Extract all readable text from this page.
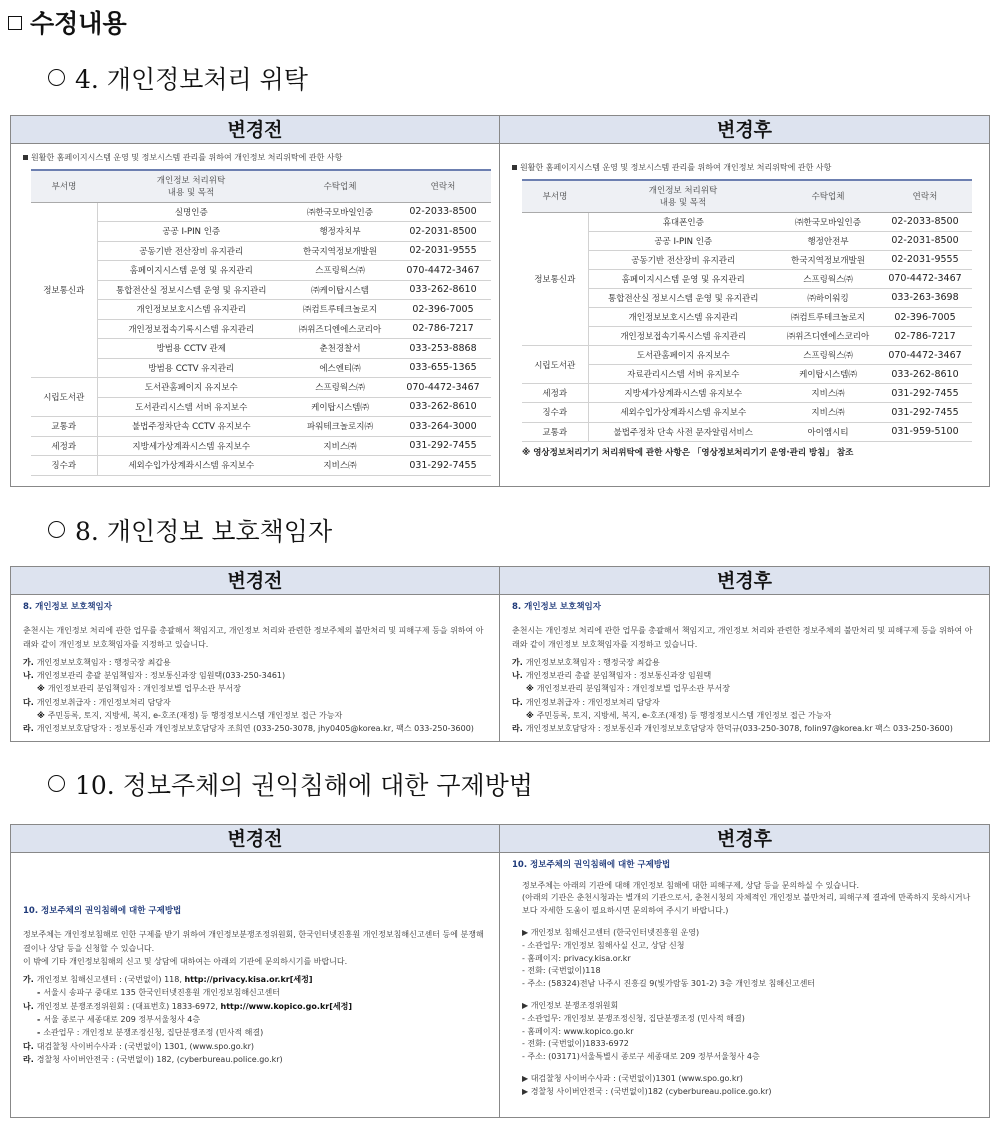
수정내용
4. 개인정보처리 위탁
변경전
원활한 홈페이지시스템 운영 및 정보시스템 관리를 위하여 개인정보 처리위탁에 관한 사항
부서명	개인정보 처리위탁
내용 및 목적	수탁업체	연락처
정보통신과	실명인증	㈜한국모바일인증	02-2033-8500
	공공 I-PIN 인증	행정자치부	02-2031-8500
	공동기반 전산장비 유지관리	한국지역정보개발원	02-2031-9555
	홈페이지시스템 운영 및 유지관리	스프링웍스㈜	070-4472-3467
	통합전산실 정보시스템 운영 및 유지관리	㈜케이탑시스템	033-262-8610
	개인정보보호시스템 유지관리	㈜컴트루테크놀로지	02-396-7005
	개인정보접속기록시스템 유지관리	㈜위즈디엔에스코리아	02-786-7217
	방범용 CCTV 관제	춘천경찰서	033-253-8868
	방범용 CCTV 유지관리	에스엔티㈜	033-655-1365
시립도서관	도서관홈페이지 유지보수	스프링웍스㈜	070-4472-3467
	도서관리시스템 서버 유지보수	케이탑시스템㈜	033-262-8610
교통과	불법주정차단속 CCTV 유지보수	파워테크놀로지㈜	033-264-3000
세정과	지방세가상계좌시스템 유지보수	지비스㈜	031-292-7455
징수과	세외수입가상계좌시스템 유지보수	지비스㈜	031-292-7455
변경후
원활한 홈페이지시스템 운영 및 정보시스템 관리를 위하여 개인정보 처리위탁에 관한 사항
부서명	개인정보 처리위탁
내용 및 목적	수탁업체	연락처
정보통신과	휴대폰인증	㈜한국모바일인증	02-2033-8500
	공공 I-PIN 인증	행정안전부	02-2031-8500
	공동기반 전산장비 유지관리	한국지역정보개발원	02-2031-9555
	홈페이지시스템 운영 및 유지관리	스프링웍스㈜	070-4472-3467
	통합전산실 정보시스템 운영 및 유지관리	㈜하이워킹	033-263-3698
	개인정보보호시스템 유지관리	㈜컴트루테크놀로지	02-396-7005
	개인정보접속기록시스템 유지관리	㈜위즈디엔에스코리아	02-786-7217
시립도서관	도서관홈페이지 유지보수	스프링웍스㈜	070-4472-3467
	자료관리시스템 서버 유지보수	케이탑시스템㈜	033-262-8610
세정과	지방세가상계좌시스템 유지보수	지비스㈜	031-292-7455
징수과	세외수입가상계좌시스템 유지보수	지비스㈜	031-292-7455
교통과	불법주정차 단속 사전 문자알림서비스	아이엠시티	031-959-5100
※ 영상정보처리기기 처리위탁에 관한 사항은 「영상정보처리기기 운영·관리 방침」 참조
8. 개인정보 보호책임자
변경전
8. 개인정보 보호책임자
춘천시는 개인정보 처리에 관한 업무를 총괄해서 책임지고, 개인정보 처리와 관련한 정보주체의 불만처리 및 피해구제 등을 위하여 아래와 같이 개인정보 보호책임자를 지정하고 있습니다.
가. 개인정보보호책임자 : 행정국장 최갑용
나. 개인정보관리 총괄 분임책임자 : 정보통신과장 임원택(033-250-3461)
※ 개인정보관리 분임책임자 : 개인정보별 업무소관 부서장
다. 개인정보취급자 : 개인정보처리 담당자
※ 주민등록, 토지, 지방세, 복지, e-호조(재정) 등 행정정보시스템 개인정보 접근 가능자
라. 개인정보보호담당자 : 정보통신과 개인정보보호담당자 조희연 (033-250-3078, jhy0405@korea.kr, 팩스 033-250-3600)
변경후
8. 개인정보 보호책임자
춘천시는 개인정보 처리에 관한 업무를 총괄해서 책임지고, 개인정보 처리와 관련한 정보주체의 불만처리 및 피해구제 등을 위하여 아래와 같이 개인정보 보호책임자를 지정하고 있습니다.
가. 개인정보보호책임자 : 행정국장 최갑용
나. 개인정보관리 총괄 분임책임자 : 정보통신과장 임원택
※ 개인정보관리 분임책임자 : 개인정보별 업무소관 부서장
다. 개인정보취급자 : 개인정보처리 담당자
※ 주민등록, 토지, 지방세, 복지, e-호조(재정) 등 행정정보시스템 개인정보 접근 가능자
라. 개인정보보호담당자 : 정보통신과 개인정보보호담당자 한덕규(033-250-3078, folin97@korea.kr 팩스 033-250-3600)
10. 정보주체의 권익침해에 대한 구제방법
변경전
10. 정보주체의 권익침해에 대한 구제방법
정보주체는 개인정보침해로 인한 구제를 받기 위하여 개인정보분쟁조정위원회, 한국인터넷진흥원 개인정보침해신고센터 등에 분쟁해결이나 상담 등을 신청할 수 있습니다.
이 밖에 기타 개인정보침해의 신고 및 상담에 대하여는 아래의 기관에 문의하시기를 바랍니다.
가. 개인정보 침해신고센터 : (국번없이) 118, http://privacy.kisa.or.kr[세정]
- 서울시 송파구 중대로 135 한국인터넷진흥원 개인정보침해신고센터
나. 개인정보 분쟁조정위원회 : (대표번호) 1833-6972, http://www.kopico.go.kr[세정]
- 서울 종로구 세종대로 209 정부서울청사 4층
- 소관업무 : 개인정보 분쟁조정신청, 집단분쟁조정 (민사적 해결)
다. 대검찰청 사이버수사과 : (국번없이) 1301, (www.spo.go.kr)
라. 경찰청 사이버안전국 : (국번없이) 182, (cyberbureau.police.go.kr)
변경후
10. 정보주체의 권익침해에 대한 구제방법
정보주체는 아래의 기관에 대해 개인정보 침해에 대한 피해구제, 상담 등을 문의하실 수 있습니다.
(아래의 기관은 춘천시청과는 별개의 기관으로서, 춘천시청의 자체적인 개인정보 불만처리, 피해구제 결과에 만족하지 못하시거나 보다 자세한 도움이 필요하시면 문의하여 주시기 바랍니다.)
▶ 개인정보 침해신고센터 (한국인터넷진흥원 운영)
- 소관업무: 개인정보 침해사실 신고, 상담 신청
- 홈페이지: privacy.kisa.or.kr
- 전화: (국번없이)118
- 주소: (58324)전남 나주시 진흥길 9(빛가람동 301-2) 3층 개인정보 침해신고센터
▶ 개인정보 분쟁조정위원회
- 소관업무: 개인정보 분쟁조정신청, 집단분쟁조정 (민사적 해결)
- 홈페이지: www.kopico.go.kr
- 전화: (국번없이)1833-6972
- 주소: (03171)서울특별시 종로구 세종대로 209 정부서울청사 4층
▶ 대검찰청 사이버수사과 : (국번없이)1301 (www.spo.go.kr)
▶ 경찰청 사이버안전국 : (국번없이)182 (cyberbureau.police.go.kr)
